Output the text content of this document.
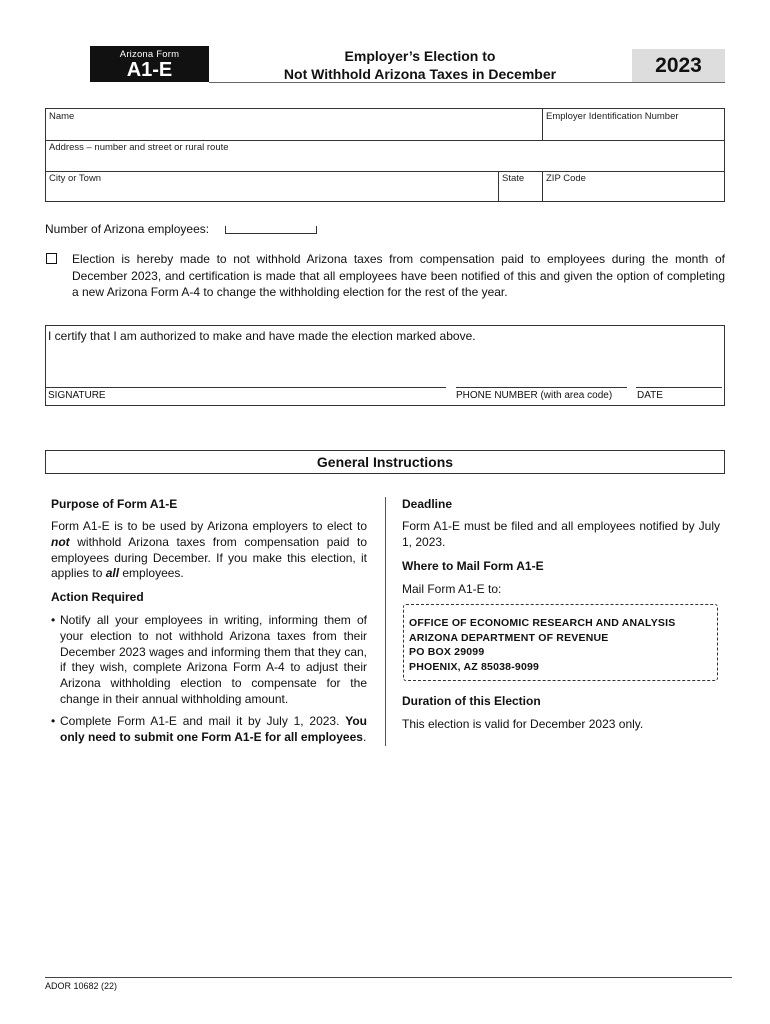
Arizona Form
A1-E
Employer’s Election to
Not Withhold Arizona Taxes in December	2023
Name	Employer Identification Number
Address – number and street or rural route
City or Town	State ZIP Code
Number of Arizona employees:
Election is hereby made to not withhold Arizona taxes from compensation paid to employees during the month of December 2023, and certification is made that all employees have been notified of this and given the option of completing a new Arizona Form A-4 to change the withholding election for the rest of the year.
I certify that I am authorized to make and have made the election marked above.
SIGNATURE	PHONE NUMBER (with area code) DATE
General Instructions
Purpose of Form A1-E
Form A1-E is to be used by Arizona employers to elect to not withhold Arizona taxes from compensation paid to employees during December. If you make this election, it applies to all employees.
Action Required
• Notify all your employees in writing, informing them of your election to not withhold Arizona taxes from their December 2023 wages and informing them that they can, if they wish, complete Arizona Form A-4 to adjust their Arizona withholding election to compensate for the change in their annual withholding amount.
• Complete Form A1-E and mail it by July 1, 2023. You only need to submit one Form A1-E for all employees.
Deadline
Form A1-E must be filed and all employees notified by July 1, 2023.
Where to Mail Form A1-E
Mail Form A1-E to:
OFFICE OF ECONOMIC RESEARCH AND ANALYSIS
ARIZONA DEPARTMENT OF REVENUE
PO BOX 29099
PHOENIX, AZ 85038-9099
Duration of this Election
This election is valid for December 2023 only.
ADOR 10682 (22)
